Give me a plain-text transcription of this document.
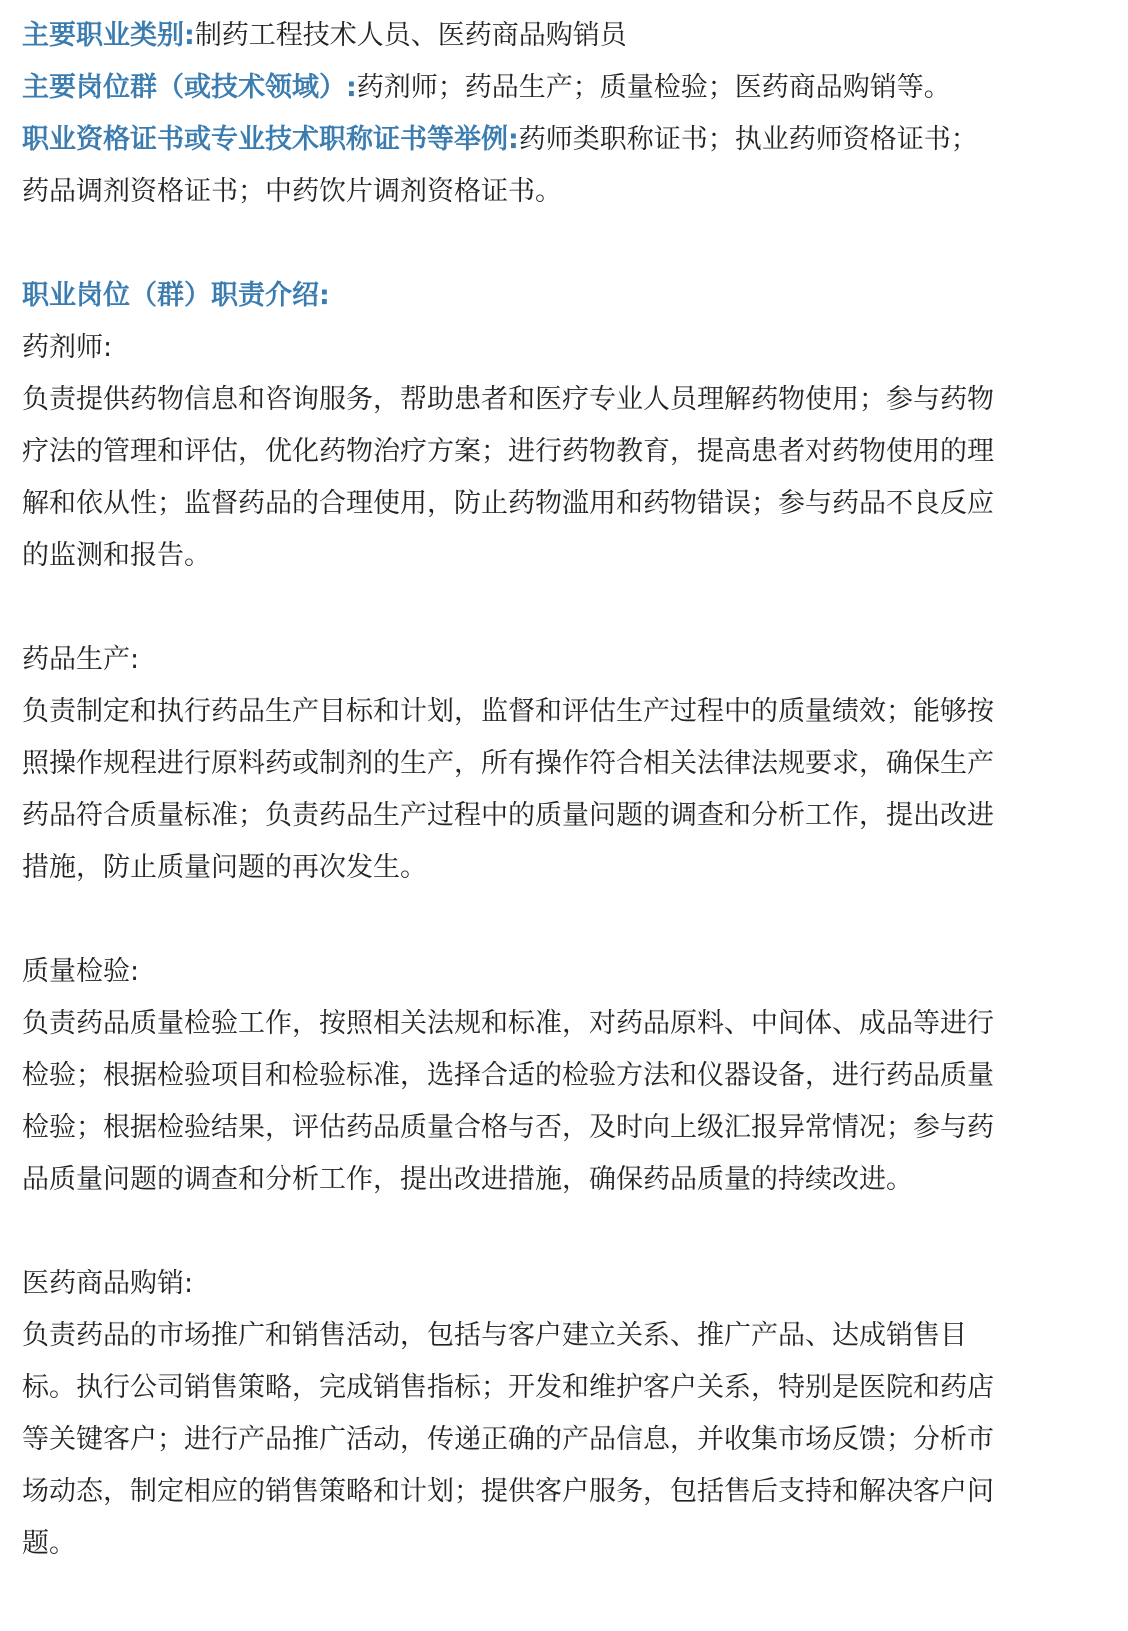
主要职业类别:制药工程技术人员、医药商品购销员

主要岗位群（或技术领域）:药剂师；药品生产；质量检验；医药商品购销等。

职业资格证书或专业技术职称证书等举例:药师类职称证书；执业药师资格证书；

药品调剂资格证书；中药饮片调剂资格证书。

职业岗位（群）职责介绍:

药剂师:

负责提供药物信息和咨询服务，帮助患者和医疗专业人员理解药物使用；参与药物
疗法的管理和评估，优化药物治疗方案；进行药物教育，提高患者对药物使用的理
解和依从性；监督药品的合理使用，防止药物滥用和药物错误；参与药品不良反应
的监测和报告。

药品生产:

负责制定和执行药品生产目标和计划，监督和评估生产过程中的质量绩效；能够按
照操作规程进行原料药或制剂的生产，所有操作符合相关法律法规要求，确保生产
药品符合质量标准；负责药品生产过程中的质量问题的调查和分析工作，提出改进
措施，防止质量问题的再次发生。

质量检验:

负责药品质量检验工作，按照相关法规和标准，对药品原料、中间体、成品等进行
检验；根据检验项目和检验标准，选择合适的检验方法和仪器设备，进行药品质量
检验；根据检验结果，评估药品质量合格与否，及时向上级汇报异常情况；参与药
品质量问题的调查和分析工作，提出改进措施，确保药品质量的持续改进。

医药商品购销:

负责药品的市场推广和销售活动，包括与客户建立关系、推广产品、达成销售目
标。执行公司销售策略，完成销售指标；开发和维护客户关系，特别是医院和药店
等关键客户；进行产品推广活动，传递正确的产品信息，并收集市场反馈；分析市
场动态，制定相应的销售策略和计划；提供客户服务，包括售后支持和解决客户问
题。
